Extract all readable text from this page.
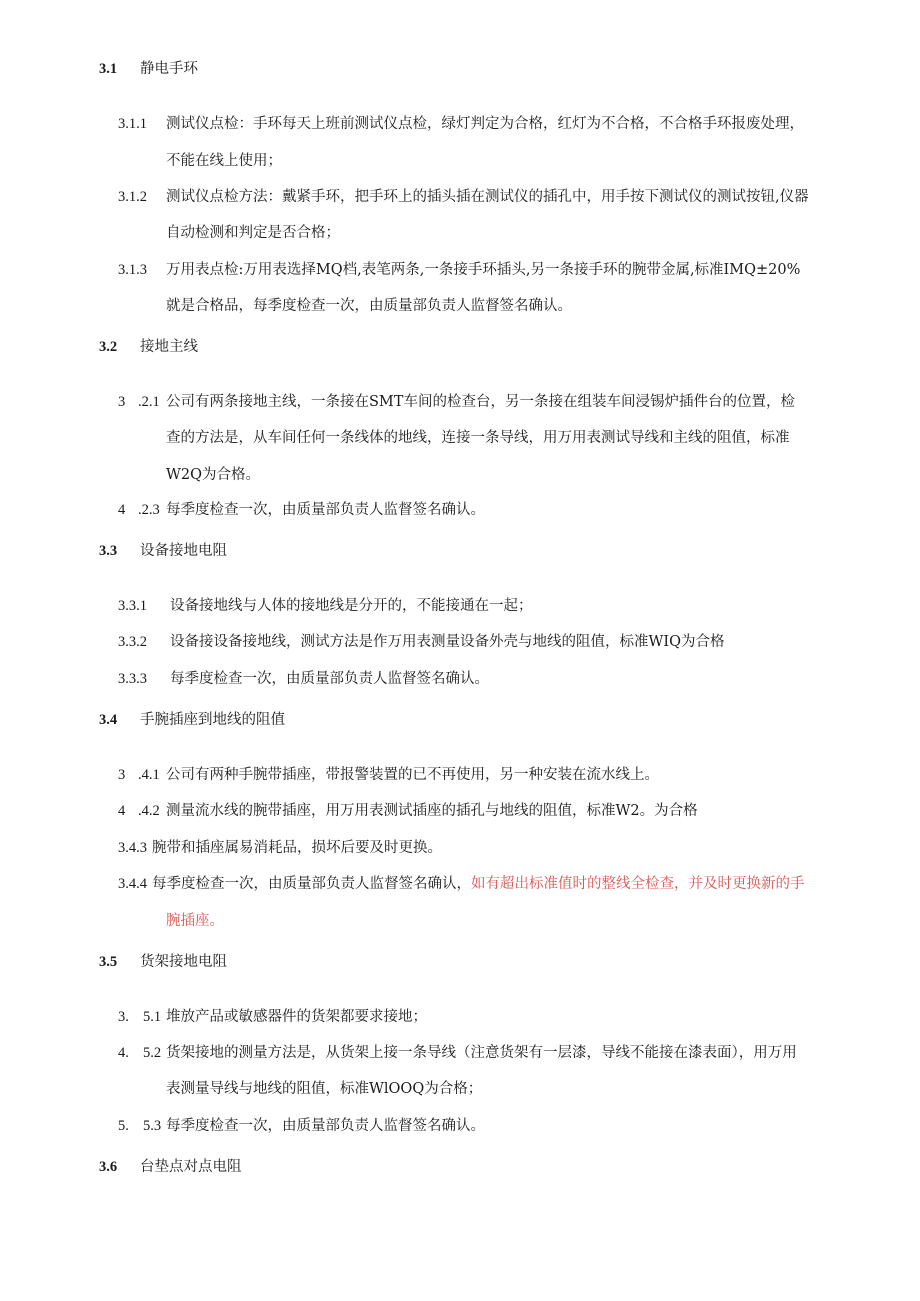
3.1 静电手环
3.1.1 测试仪点检：手环每天上班前测试仪点检，绿灯判定为合格，红灯为不合格，不合格手环报废处理，
不能在线上使用；
3.1.2 测试仪点检方法：戴紧手环，把手环上的插头插在测试仪的插孔中，用手按下测试仪的测试按钮,仪器
自动检测和判定是否合格；
3.1.3 万用表点检:万用表选择MQ档,表笔两条,一条接手环插头,另一条接手环的腕带金属,标准IMQ±20%
就是合格品，每季度检查一次，由质量部负责人监督签名确认。
3.2 接地主线
3 .2.1 公司有两条接地主线，一条接在SMT车间的检查台，另一条接在组装车间浸锡炉插件台的位置，检
查的方法是，从车间任何一条线体的地线，连接一条导线，用万用表测试导线和主线的阻值，标准
W2Q为合格。
4 .2.3 每季度检查一次，由质量部负责人监督签名确认。
3.3 设备接地电阻
3.3.1 设备接地线与人体的接地线是分开的，不能接通在一起；
3.3.2 设备接设备接地线，测试方法是作万用表测量设备外壳与地线的阻值，标准WIQ为合格
3.3.3 每季度检查一次，由质量部负责人监督签名确认。
3.4 手腕插座到地线的阻值
3 .4.1 公司有两种手腕带插座，带报警装置的已不再使用，另一种安装在流水线上。
4 .4.2 测量流水线的腕带插座，用万用表测试插座的插孔与地线的阻值，标准W2。为合格
3.4.3 腕带和插座属易消耗品，损坏后要及时更换。
3.4.4 每季度检查一次，由质量部负责人监督签名确认，如有超出标准值时的整线全检查，并及时更换新的手
腕插座。
3.5 货架接地电阻
3. 5.1 堆放产品或敏感器件的货架都要求接地；
4. 5.2 货架接地的测量方法是，从货架上接一条导线（注意货架有一层漆，导线不能接在漆表面），用万用
表测量导线与地线的阻值，标准WlOOQ为合格；
5. 5.3 每季度检查一次，由质量部负责人监督签名确认。
3.6 台垫点对点电阻
